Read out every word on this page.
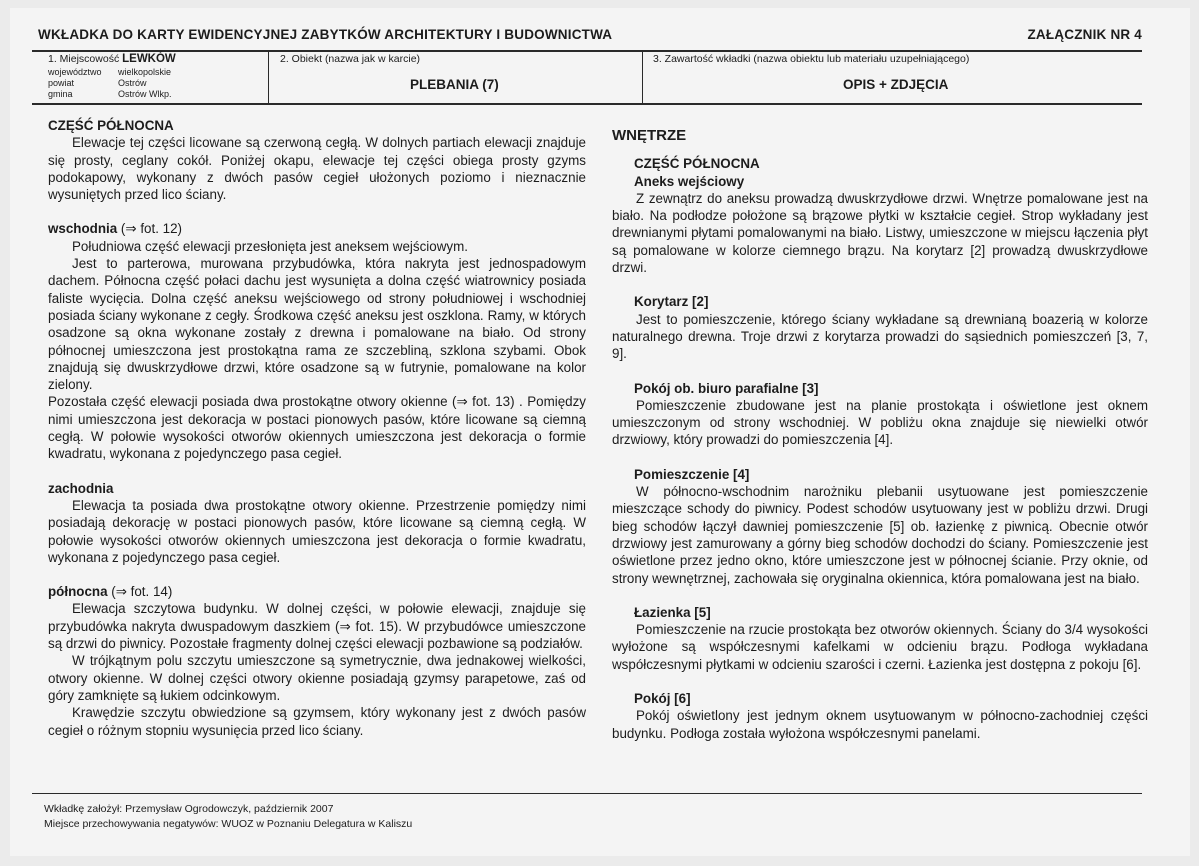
WKŁADKA DO KARTY EWIDENCYJNEJ ZABYTKÓW ARCHITEKTURY I BUDOWNICTWA	ZAŁĄCZNIK NR 4
1. Miejscowość LEWKÓW
województwo	wielkopolskie
powiat	Ostrów
gmina	Ostrów Wlkp.
2. Obiekt (nazwa jak w karcie)
PLEBANIA (7)
3. Zawartość wkładki (nazwa obiektu lub materiału uzupełniającego)
OPIS + ZDJĘCIA

CZĘŚĆ PÓŁNOCNA

Elewacje tej części licowane są czerwoną cegłą. W dolnych partiach elewacji znajduje się prosty, ceglany cokół. Poniżej okapu, elewacje tej części obiega prosty gzyms podokapowy, wykonany z dwóch pasów cegieł ułożonych poziomo i nieznacznie wysuniętych przed lico ściany.

wschodnia (⇒ fot. 12)

Południowa część elewacji przesłonięta jest aneksem wejściowym.

Jest to parterowa, murowana przybudówka, która nakryta jest jednospadowym dachem. Północna część połaci dachu jest wysunięta a dolna część wiatrownicy posiada faliste wycięcia. Dolna część aneksu wejściowego od strony południowej i wschodniej posiada ściany wykonane z cegły. Środkowa część aneksu jest oszklona. Ramy, w których osadzone są okna wykonane zostały z drewna i pomalowane na biało. Od strony północnej umieszczona jest prostokątna rama ze szczebliną, szklona szybami. Obok znajdują się dwuskrzydłowe drzwi, które osadzone są w futrynie, pomalowane na kolor zielony.

Pozostała część elewacji posiada dwa prostokątne otwory okienne (⇒ fot. 13) . Pomiędzy nimi umieszczona jest dekoracja w postaci pionowych pasów, które licowane są ciemną cegłą. W połowie wysokości otworów okiennych umieszczona jest dekoracja o formie kwadratu, wykonana z pojedynczego pasa cegieł.

zachodnia

Elewacja ta posiada dwa prostokątne otwory okienne. Przestrzenie pomiędzy nimi posiadają dekorację w postaci pionowych pasów, które licowane są ciemną cegłą. W połowie wysokości otworów okiennych umieszczona jest dekoracja o formie kwadratu, wykonana z pojedynczego pasa cegieł.

północna (⇒ fot. 14)

Elewacja szczytowa budynku. W dolnej części, w połowie elewacji, znajduje się przybudówka nakryta dwuspadowym daszkiem (⇒ fot. 15). W przybudówce umieszczone są drzwi do piwnicy. Pozostałe fragmenty dolnej części elewacji pozbawione są podziałów.

W trójkątnym polu szczytu umieszczone są symetrycznie, dwa jednakowej wielkości, otwory okienne. W dolnej części otwory okienne posiadają gzymsy parapetowe, zaś od góry zamknięte są łukiem odcinkowym.

Krawędzie szczytu obwiedzione są gzymsem, który wykonany jest z dwóch pasów cegieł o różnym stopniu wysunięcia przed lico ściany.

WNĘTRZE

CZĘŚĆ PÓŁNOCNA

Aneks wejściowy

Z zewnątrz do aneksu prowadzą dwuskrzydłowe drzwi. Wnętrze pomalowane jest na biało. Na podłodze położone są brązowe płytki w kształcie cegieł. Strop wykładany jest drewnianymi płytami pomalowanymi na biało. Listwy, umieszczone w miejscu łączenia płyt są pomalowane w kolorze ciemnego brązu. Na korytarz [2] prowadzą dwuskrzydłowe drzwi.

Korytarz [2]

Jest to pomieszczenie, którego ściany wykładane są drewnianą boazerią w kolorze naturalnego drewna. Troje drzwi z korytarza prowadzi do sąsiednich pomieszczeń [3, 7, 9].

Pokój ob. biuro parafialne [3]

Pomieszczenie zbudowane jest na planie prostokąta i oświetlone jest oknem umieszczonym od strony wschodniej. W pobliżu okna znajduje się niewielki otwór drzwiowy, który prowadzi do pomieszczenia [4].

Pomieszczenie [4]

W północno-wschodnim narożniku plebanii usytuowane jest pomieszczenie mieszczące schody do piwnicy. Podest schodów usytuowany jest w pobliżu drzwi. Drugi bieg schodów łączył dawniej pomieszczenie [5] ob. łazienkę z piwnicą. Obecnie otwór drzwiowy jest zamurowany a górny bieg schodów dochodzi do ściany. Pomieszczenie jest oświetlone przez jedno okno, które umieszczone jest w północnej ścianie. Przy oknie, od strony wewnętrznej, zachowała się oryginalna okiennica, która pomalowana jest na biało.

Łazienka [5]

Pomieszczenie na rzucie prostokąta bez otworów okiennych. Ściany do 3/4 wysokości wyłożone są współczesnymi kafelkami w odcieniu brązu. Podłoga wykładana współczesnymi płytkami w odcieniu szarości i czerni. Łazienka jest dostępna z pokoju [6].

Pokój [6]

Pokój oświetlony jest jednym oknem usytuowanym w północno-zachodniej części budynku. Podłoga została wyłożona współczesnymi panelami.

Wkładkę założył: Przemysław Ogrodowczyk, październik 2007
Miejsce przechowywania negatywów: WUOZ w Poznaniu Delegatura w Kaliszu
